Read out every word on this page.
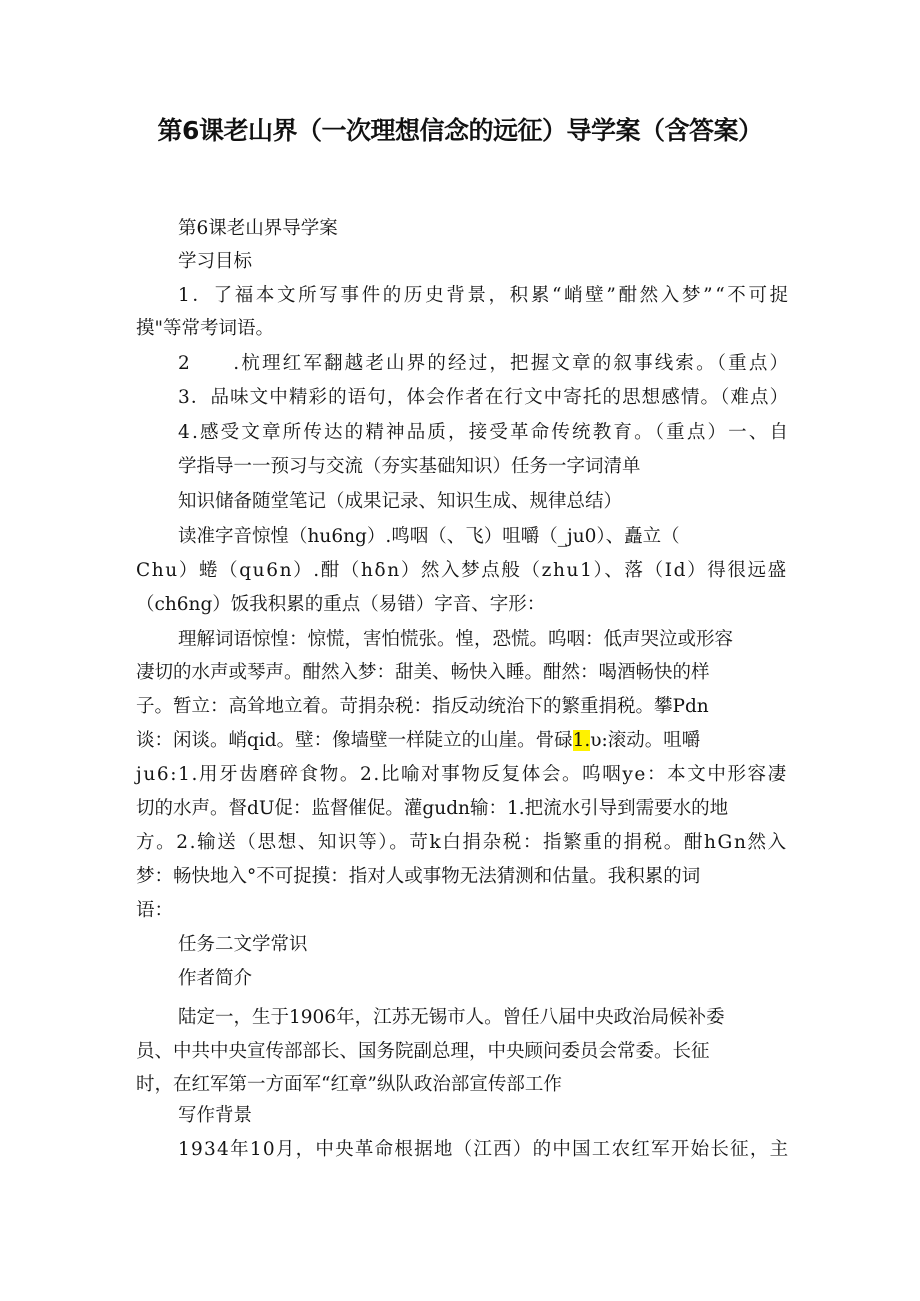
第6课老山界（一次理想信念的远征）导学案（含答案）
第6课老山界导学案
学习目标
1．了福本文所写事件的历史背景，积累“峭壁”酣然入梦”“不可捉
摸"等常考词语。
2　　.杭理红军翻越老山界的经过，把握文章的叙事线索。（重点）
3．品味文中精彩的语句，体会作者在行文中寄托的思想感情。（难点）
4.感受文章所传达的精神品质，接受革命传统教育。（重点）一、自
学指导一一预习与交流（夯实基础知识）任务一字词清单
知识储备随堂笔记（成果记录、知识生成、规律总结）
读准字音惊惶（hu6ng）.鸣咽（、飞）咀嚼（_ju0）、矗立（
Chu）蜷（qu6n）.酣（hδn）然入梦点般（zhu1）、落（Id）得很远盛
（ch6ng）饭我积累的重点（易错）字音、字形：
理解词语惊惶：惊慌，害怕慌张。惶，恐慌。呜咽：低声哭泣或形容
凄切的水声或琴声。酣然入梦：甜美、畅快入睡。酣然：喝酒畅快的样
子。暂立：高耸地立着。苛捐杂税：指反动统治下的繁重捐税。攀Pdn
谈：闲谈。峭qid。壁：像墙壁一样陡立的山崖。骨碌1.υ:滚动。咀嚼
ju6:1.用牙齿磨碎食物。2.比喻对事物反复体会。呜咽ye：本文中形容凄
切的水声。督dU促：监督催促。灌gudn输：1.把流水引导到需要水的地
方。2.输送（思想、知识等）。苛k白捐杂税：指繁重的捐税。酣hGn然入
梦：畅快地入°不可捉摸：指对人或事物无法猜测和估量。我积累的词
语：
任务二文学常识
作者简介
陆定一，生于1906年，江苏无锡市人。曾任八届中央政治局候补委
员、中共中央宣传部部长、国务院副总理，中央顾问委员会常委。长征
时，在红军第一方面军“红章”纵队政治部宣传部工作
写作背景
1934年10月，中央革命根据地（江西）的中国工农红军开始长征，主
